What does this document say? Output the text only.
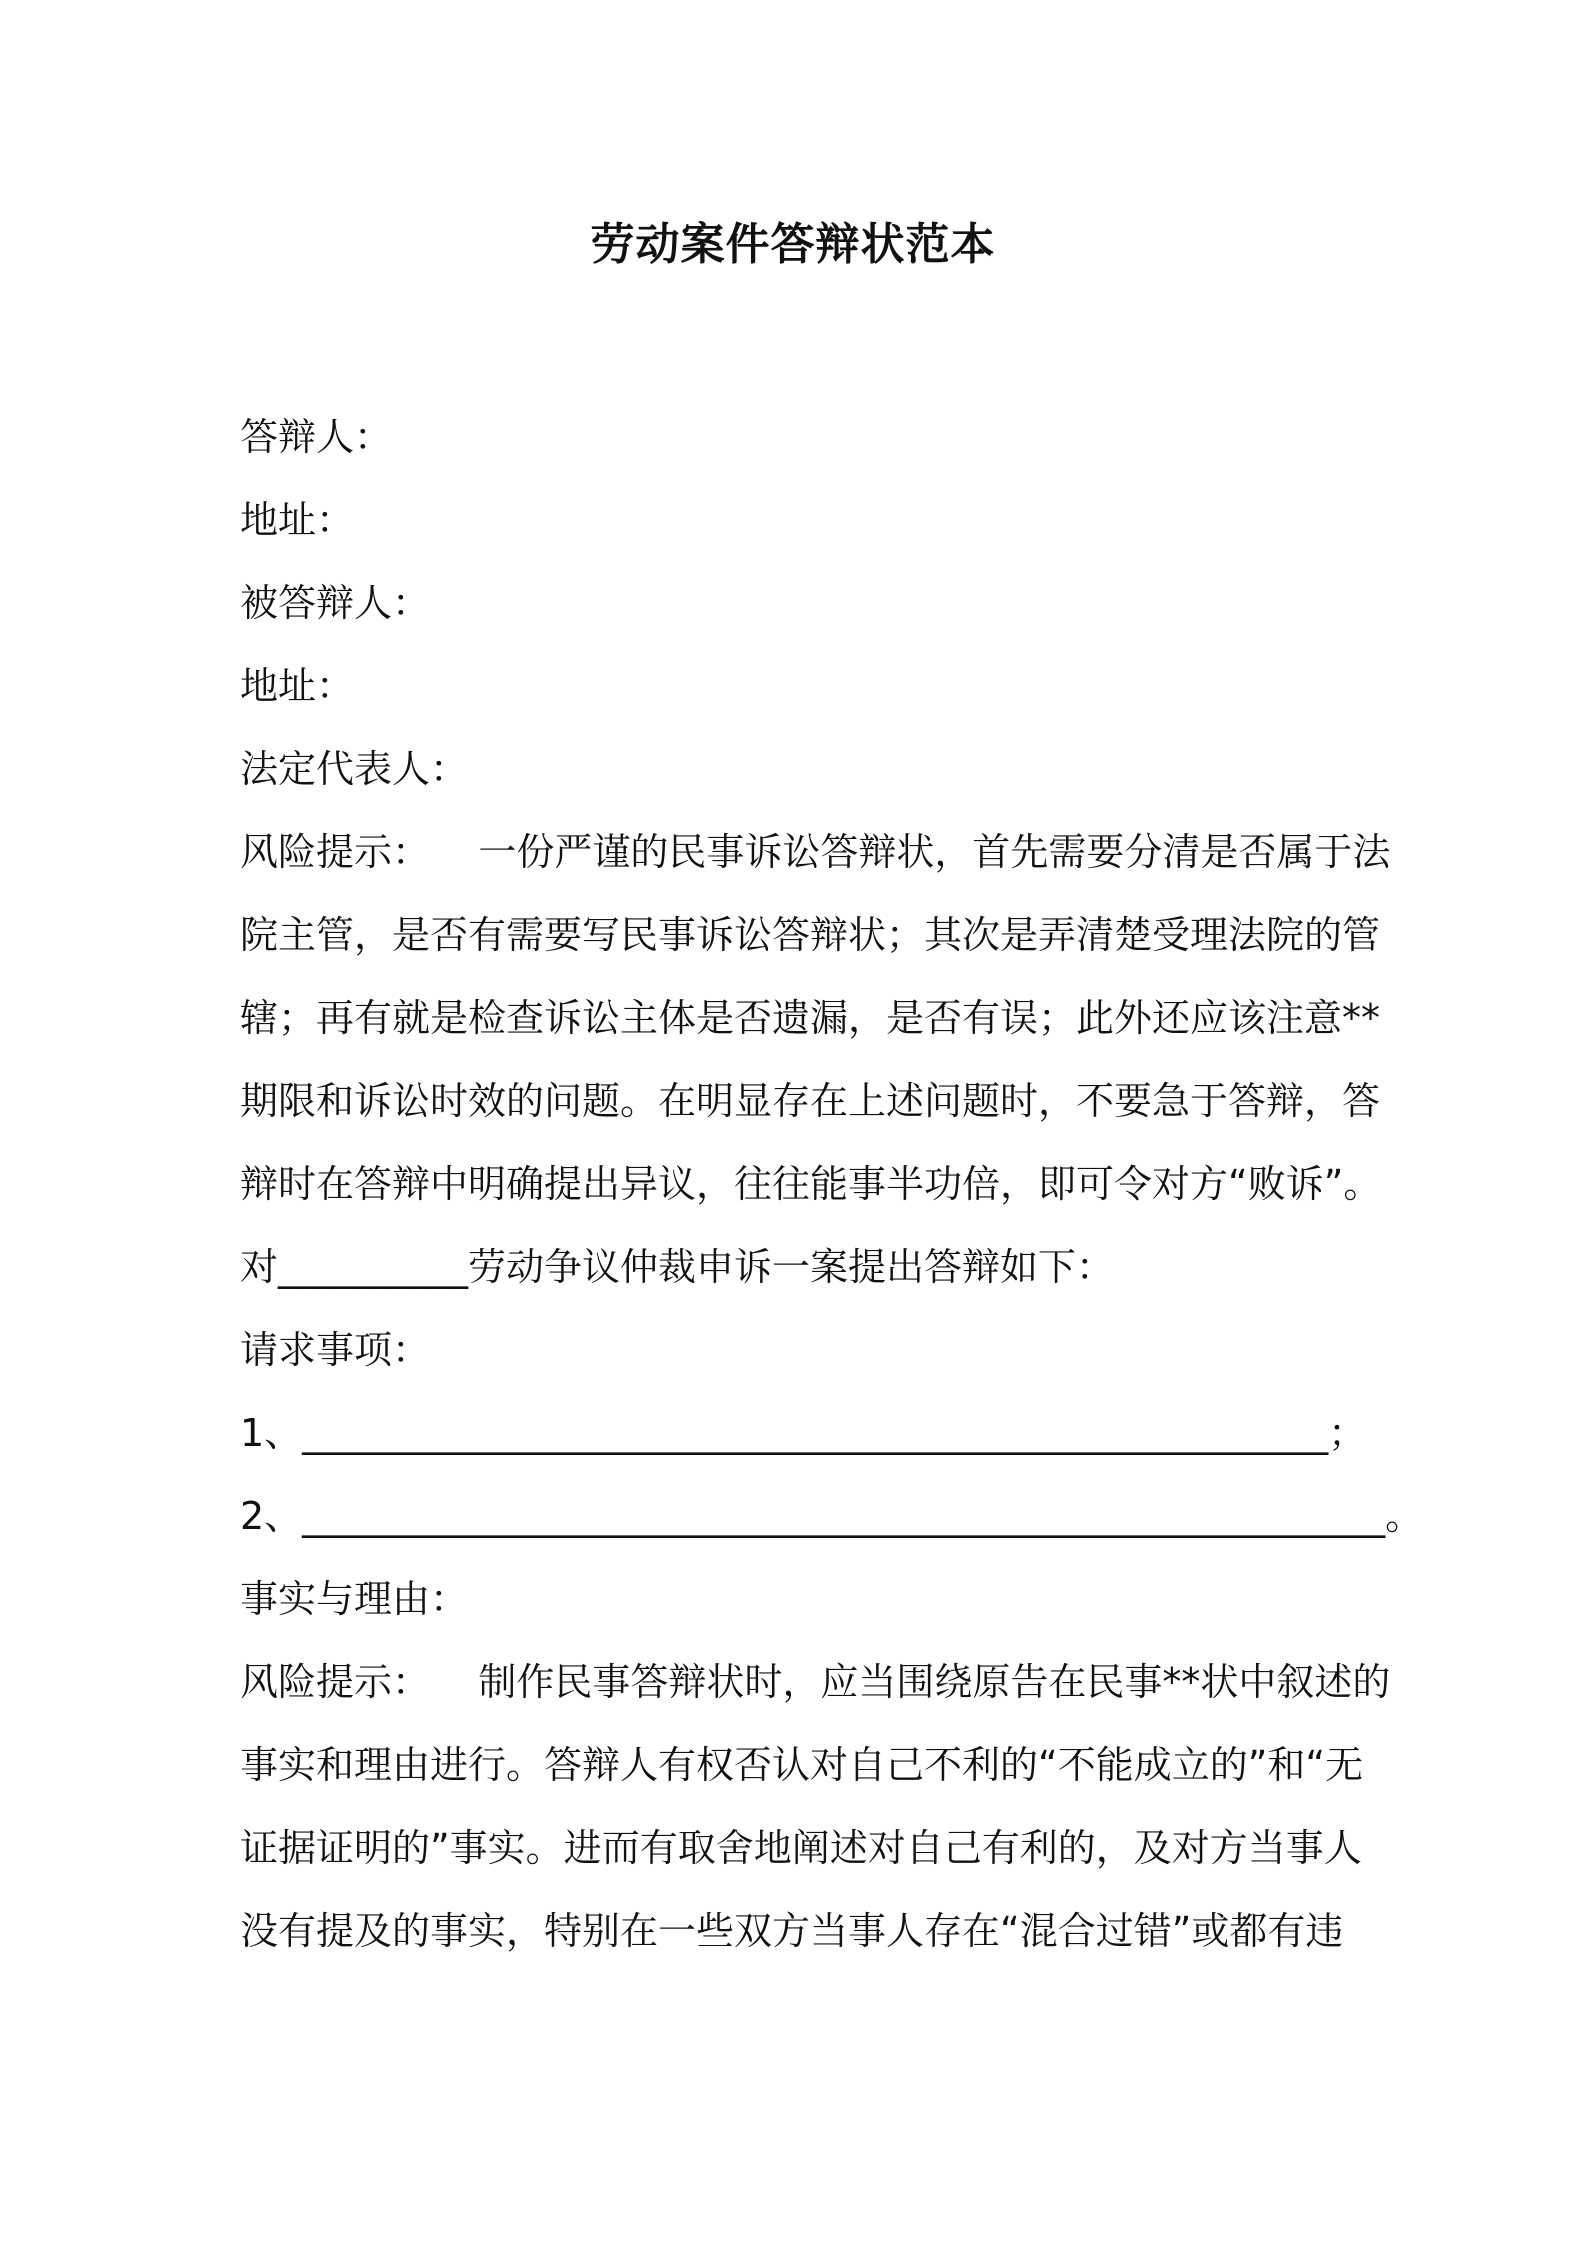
劳动案件答辩状范本
答辩人：
地址：
被答辩人：
地址：
法定代表人：
风险提示：    一份严谨的民事诉讼答辩状，首先需要分清是否属于法
院主管，是否有需要写民事诉讼答辩状；其次是弄清楚受理法院的管
辖；再有就是检查诉讼主体是否遗漏，是否有误；此外还应该注意**
期限和诉讼时效的问题。在明显存在上述问题时，不要急于答辩，答
辩时在答辩中明确提出异议，往往能事半功倍，即可令对方“败诉”。
对__________劳动争议仲裁申诉一案提出答辩如下：
请求事项：
1、______________________________________________________；
2、_________________________________________________________。
事实与理由：
风险提示：    制作民事答辩状时，应当围绕原告在民事**状中叙述的
事实和理由进行。答辩人有权否认对自己不利的“不能成立的”和“无
证据证明的”事实。进而有取舍地阐述对自己有利的，及对方当事人
没有提及的事实，特别在一些双方当事人存在“混合过错”或都有违
